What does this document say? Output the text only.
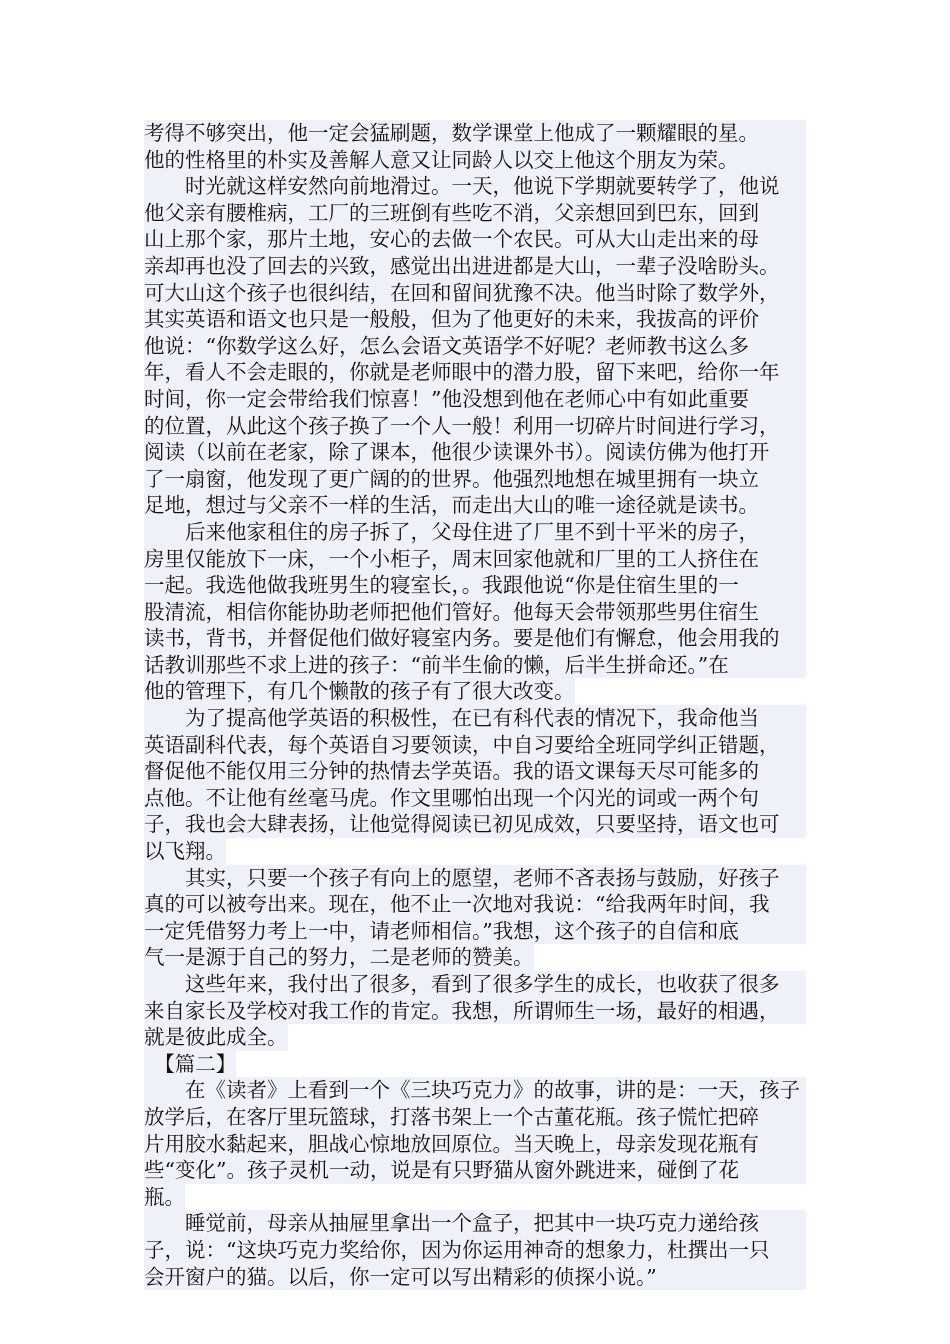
考得不够突出，他一定会猛刷题，数学课堂上他成了一颗耀眼的星。
他的性格里的朴实及善解人意又让同龄人以交上他这个朋友为荣。
　　时光就这样安然向前地滑过。一天，他说下学期就要转学了，他说
他父亲有腰椎病，工厂的三班倒有些吃不消，父亲想回到巴东，回到
山上那个家，那片土地，安心的去做一个农民。可从大山走出来的母
亲却再也没了回去的兴致，感觉出出进进都是大山，一辈子没啥盼头。
可大山这个孩子也很纠结，在回和留间犹豫不决。他当时除了数学外，
其实英语和语文也只是一般般，但为了他更好的未来，我拔高的评价
他说：“你数学这么好，怎么会语文英语学不好呢？老师教书这么多
年，看人不会走眼的，你就是老师眼中的潜力股，留下来吧，给你一年
时间，你一定会带给我们惊喜！”他没想到他在老师心中有如此重要
的位置，从此这个孩子换了一个人一般！利用一切碎片时间进行学习，
阅读（以前在老家，除了课本，他很少读课外书）。阅读仿佛为他打开
了一扇窗，他发现了更广阔的的世界。他强烈地想在城里拥有一块立
足地，想过与父亲不一样的生活，而走出大山的唯一途径就是读书。
　　后来他家租住的房子拆了，父母住进了厂里不到十平米的房子，
房里仅能放下一床，一个小柜子，周末回家他就和厂里的工人挤住在
一起。我选他做我班男生的寝室长，。我跟他说“你是住宿生里的一
股清流，相信你能协助老师把他们管好。他每天会带领那些男住宿生
读书，背书，并督促他们做好寝室内务。要是他们有懈怠，他会用我的
话教训那些不求上进的孩子：“前半生偷的懒，后半生拼命还。”在
他的管理下，有几个懒散的孩子有了很大改变。
　　为了提高他学英语的积极性，在已有科代表的情况下，我命他当
英语副科代表，每个英语自习要领读，中自习要给全班同学纠正错题，
督促他不能仅用三分钟的热情去学英语。我的语文课每天尽可能多的
点他。不让他有丝毫马虎。作文里哪怕出现一个闪光的词或一两个句
子，我也会大肆表扬，让他觉得阅读已初见成效，只要坚持，语文也可
以飞翔。
　　其实，只要一个孩子有向上的愿望，老师不吝表扬与鼓励，好孩子
真的可以被夸出来。现在，他不止一次地对我说：“给我两年时间，我
一定凭借努力考上一中，请老师相信。”我想，这个孩子的自信和底
气一是源于自己的努力，二是老师的赞美。
　　这些年来，我付出了很多，看到了很多学生的成长，也收获了很多
来自家长及学校对我工作的肯定。我想，所谓师生一场，最好的相遇，
就是彼此成全。
　【篇二】
　　在《读者》上看到一个《三块巧克力》的故事，讲的是：一天，孩子
放学后，在客厅里玩篮球，打落书架上一个古董花瓶。孩子慌忙把碎
片用胶水黏起来，胆战心惊地放回原位。当天晚上，母亲发现花瓶有
些“变化”。孩子灵机一动，说是有只野猫从窗外跳进来，碰倒了花
瓶。
　　睡觉前，母亲从抽屉里拿出一个盒子，把其中一块巧克力递给孩
子，说：“这块巧克力奖给你，因为你运用神奇的想象力，杜撰出一只
会开窗户的猫。以后，你一定可以写出精彩的侦探小说。”
